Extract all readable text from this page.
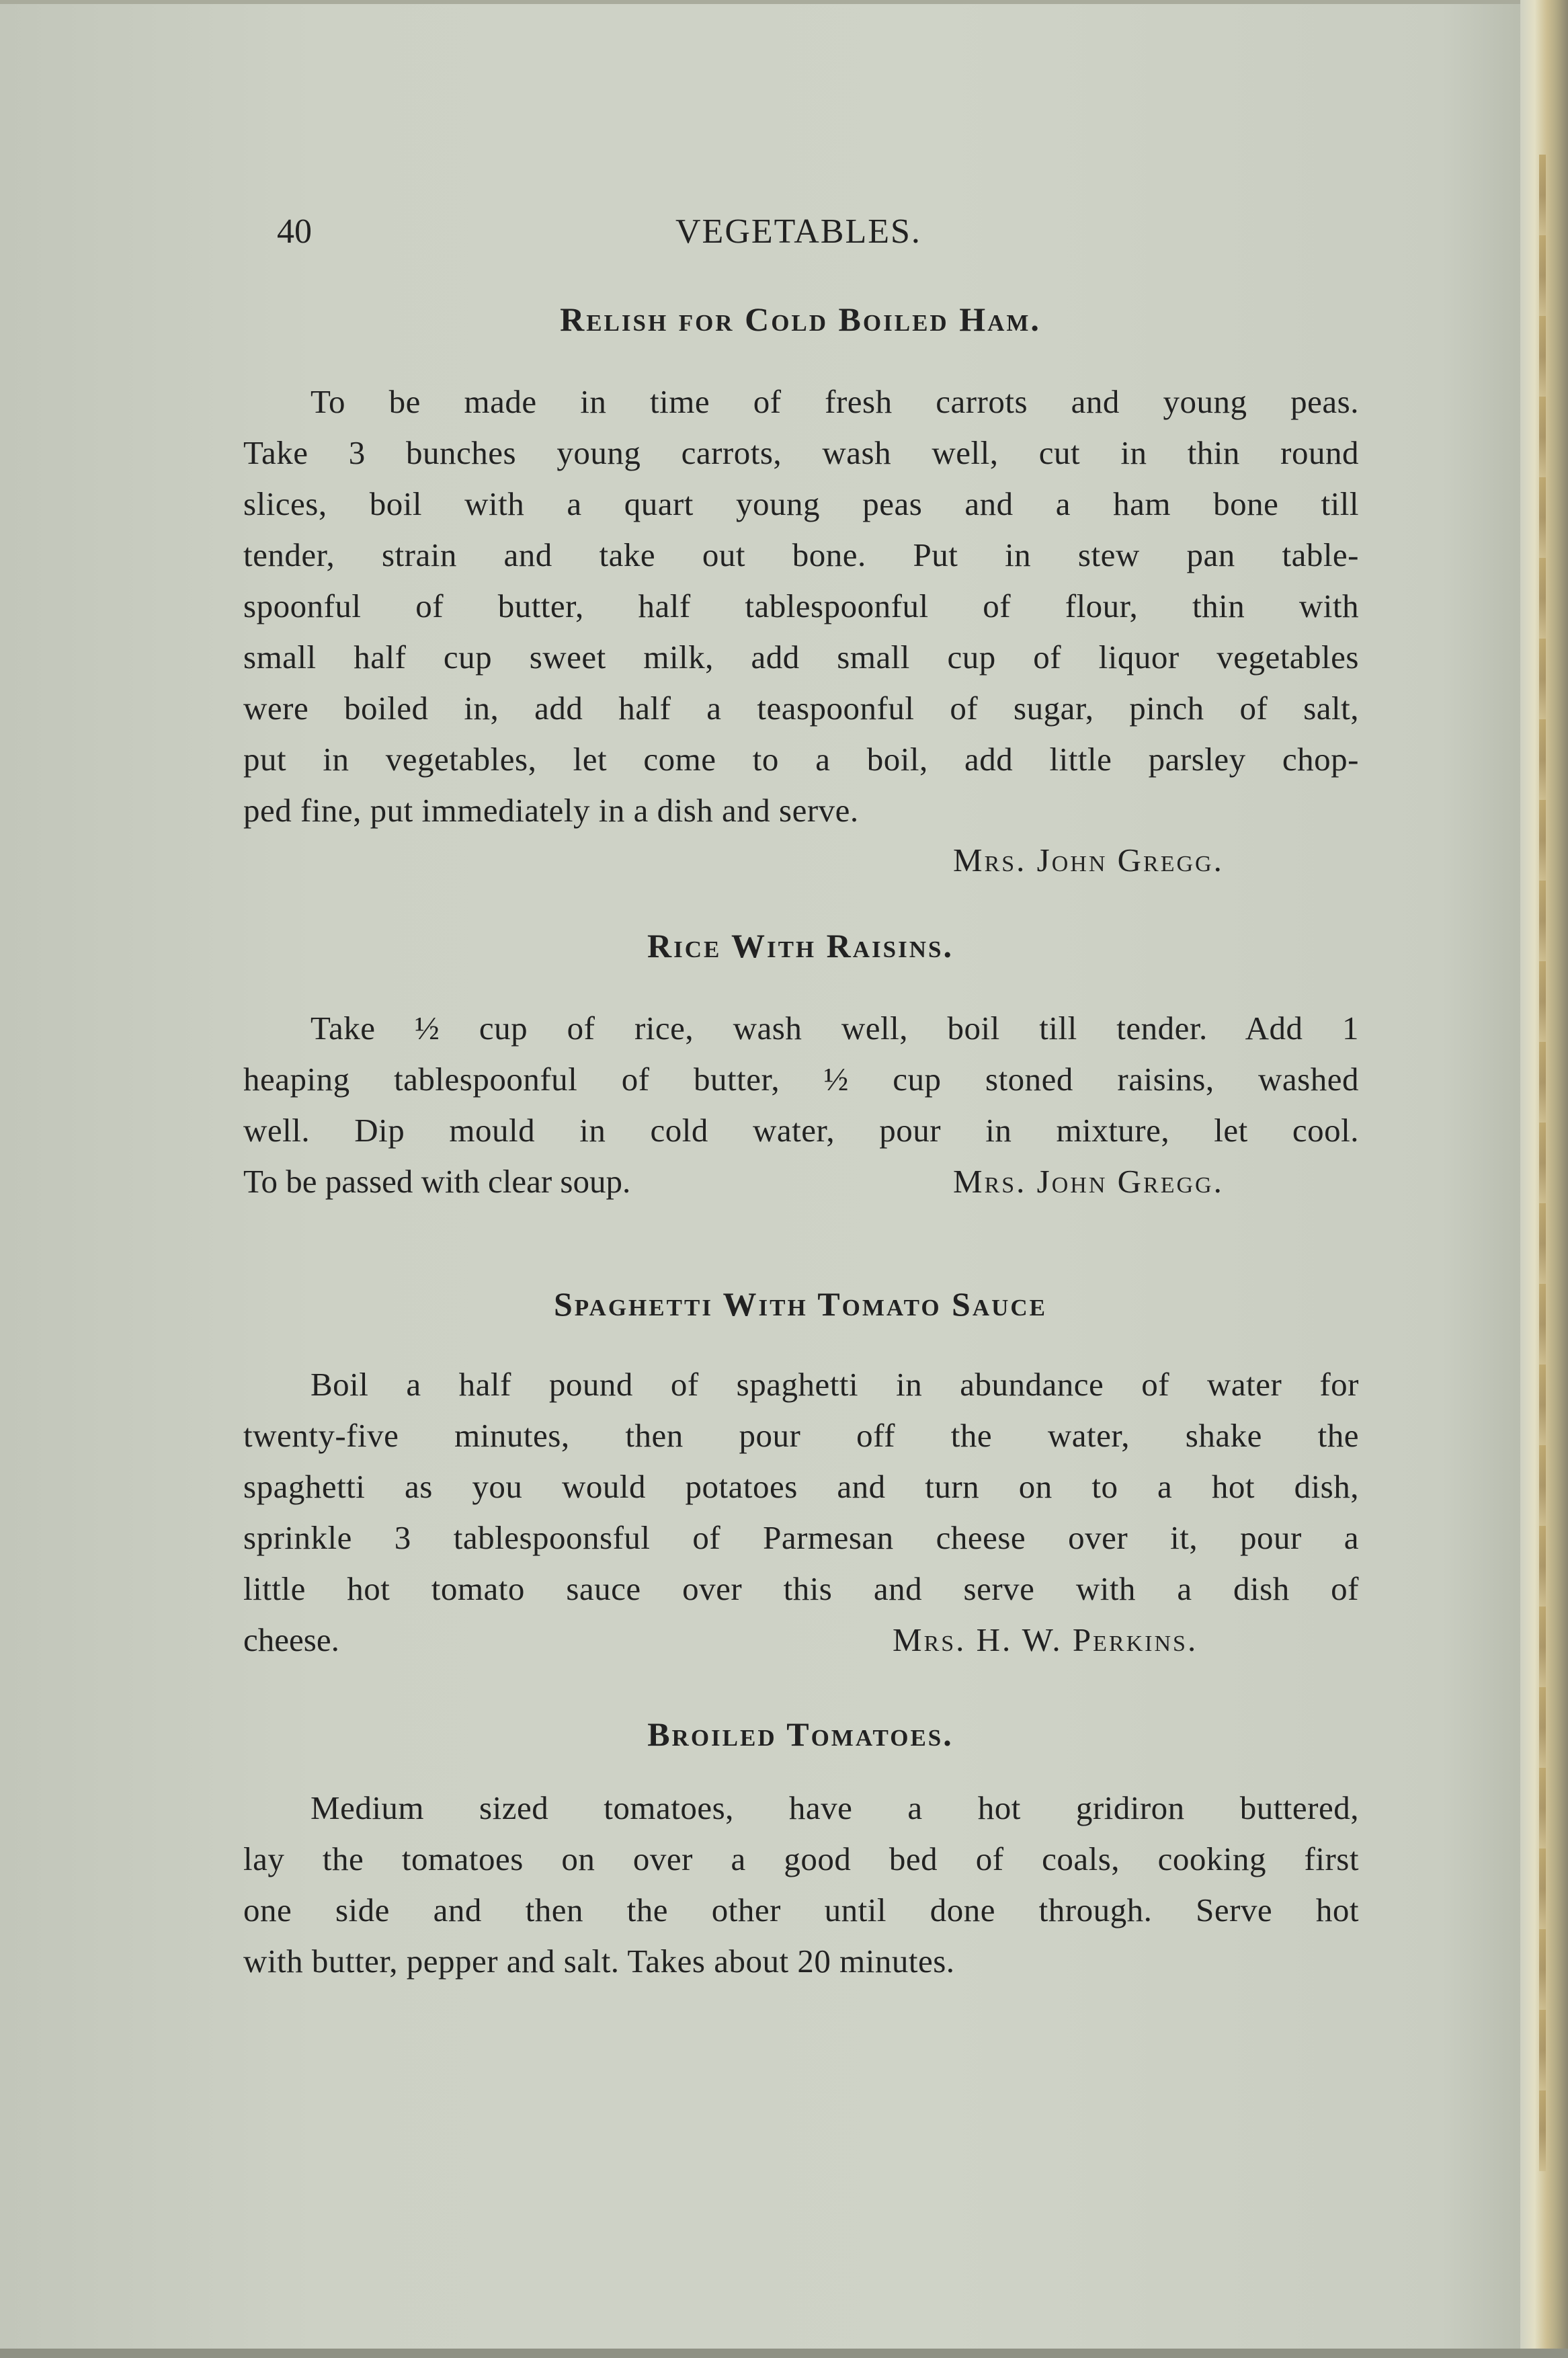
40	VEGETABLES.
Relish for Cold Boiled Ham.
To be made in time of fresh carrots and young peas.
Take 3 bunches young carrots, wash well, cut in thin round
slices, boil with a quart young peas and a ham bone till
tender, strain and take out bone. Put in stew pan table-
spoonful of butter, half tablespoonful of flour, thin with
small half cup sweet milk, add small cup of liquor vegetables
were boiled in, add half a teaspoonful of sugar, pinch of salt,
put in vegetables, let come to a boil, add little parsley chop-
ped fine, put immediately in a dish and serve.
Mrs. John Gregg.
Rice With Raisins.
Take ½ cup of rice, wash well, boil till tender. Add 1
heaping tablespoonful of butter, ½ cup stoned raisins, washed
well. Dip mould in cold water, pour in mixture, let cool.
To be passed with clear soup.	Mrs. John Gregg.
Spaghetti With Tomato Sauce
Boil a half pound of spaghetti in abundance of water for
twenty-five minutes, then pour off the water, shake the
spaghetti as you would potatoes and turn on to a hot dish,
sprinkle 3 tablespoonsful of Parmesan cheese over it, pour a
little hot tomato sauce over this and serve with a dish of
cheese.	Mrs. H. W. Perkins.
Broiled Tomatoes.
Medium sized tomatoes, have a hot gridiron buttered,
lay the tomatoes on over a good bed of coals, cooking first
one side and then the other until done through. Serve hot
with butter, pepper and salt. Takes about 20 minutes.
